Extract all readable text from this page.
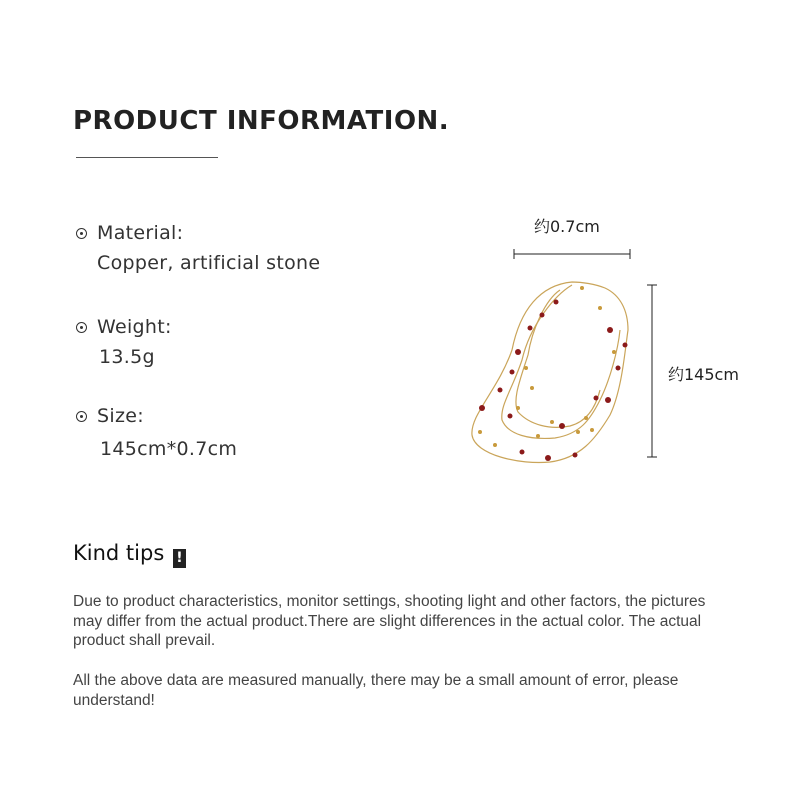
PRODUCT INFORMATION.
Material:
Copper, artificial stone
Weight:
13.5g
Size:
145cm*0.7cm
约0.7cm
约145cm
Kind tips !

Due to product characteristics, monitor settings, shooting light and other factors, the pictures may differ from the actual product.There are slight differences in the actual color. The actual product shall prevail.

All the above data are measured manually, there may be a small amount of error, please understand!
